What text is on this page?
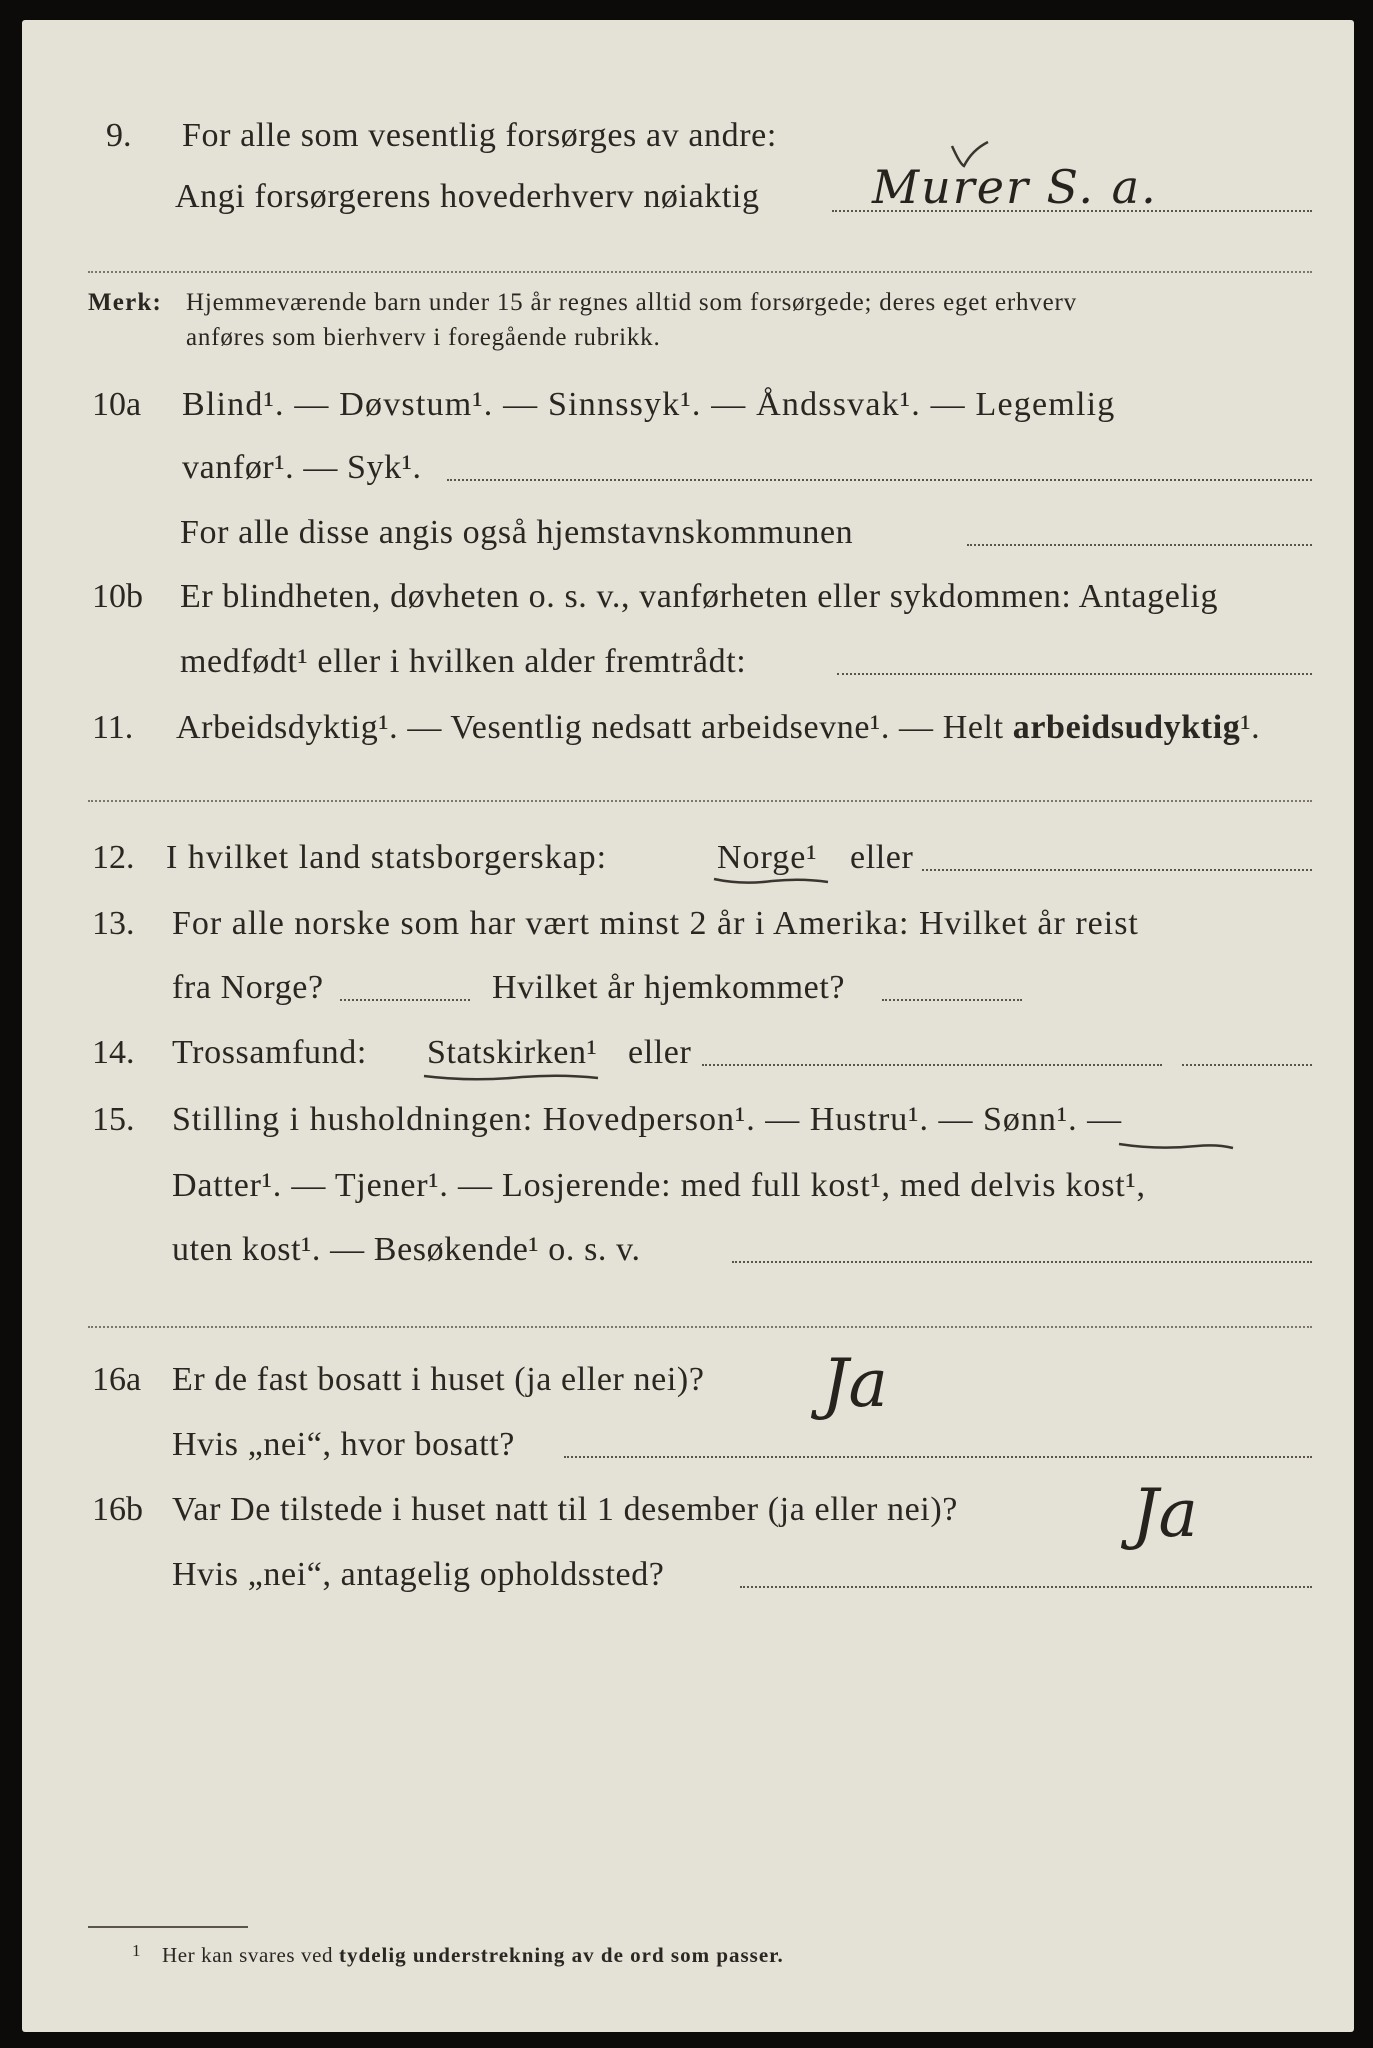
9. For alle som vesentlig forsørges av andre:
Angi forsørgerens hovederhverv nøiaktig Murer S. a.
Merk: Hjemmeværende barn under 15 år regnes alltid som forsørgede; deres eget erhverv
anføres som bierhverv i foregående rubrikk.
10a Blind¹. — Døvstum¹. — Sinnssyk¹. — Åndssvak¹. — Legemlig
vanfør¹. — Syk¹.
For alle disse angis også hjemstavnskommunen
10b Er blindheten, døvheten o. s. v., vanførheten eller sykdommen: Antagelig
medfødt¹ eller i hvilken alder fremtrådt:
11. Arbeidsdyktig¹. — Vesentlig nedsatt arbeidsevne¹. — Helt arbeidsudyktig¹.
12. I hvilket land statsborgerskap:	Norge¹ eller
13. For alle norske som har vært minst 2 år i Amerika: Hvilket år reist
fra Norge?	Hvilket år hjemkommet?
14. Trossamfund: Statskirken¹ eller
15. Stilling i husholdningen: Hovedperson¹. — Hustru¹. — Sønn¹. —
Datter¹. — Tjener¹. — Losjerende: med full kost¹, med delvis kost¹,
uten kost¹. — Besøkende¹ o. s. v.
16a Er de fast bosatt i huset (ja eller nei)? Ja
Hvis „nei“, hvor bosatt?
16b Var De tilstede i huset natt til 1 desember (ja eller nei)?	Ja
Hvis „nei“, antagelig opholdssted?
1 Her kan svares ved tydelig understrekning av de ord som passer.
